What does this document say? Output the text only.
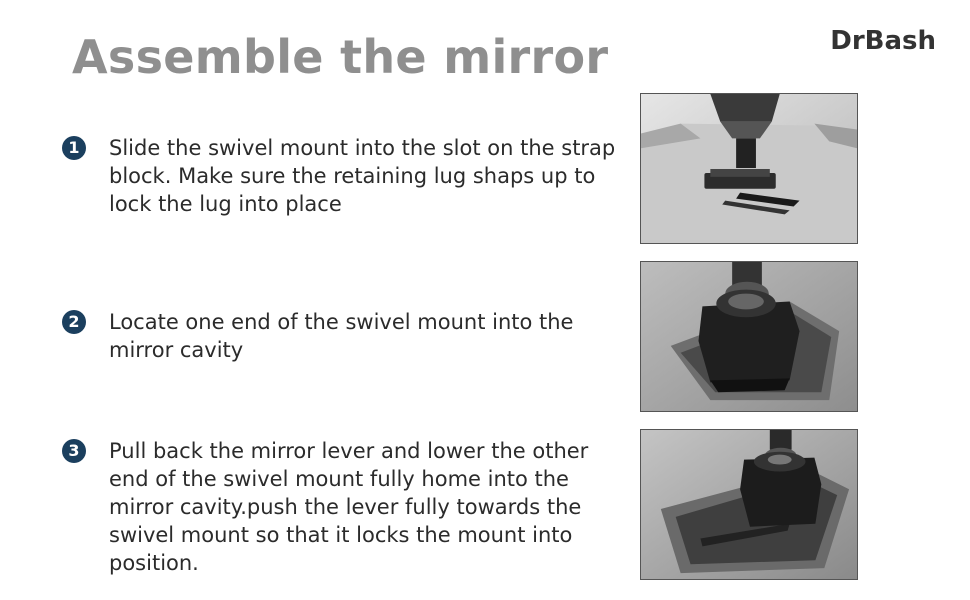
Assemble the mirror	DrBash
1	Slide the swivel mount into the slot on the strap block. Make sure the retaining lug shaps up to lock the lug into place
2	Locate one end of the swivel mount into the mirror cavity
3	Pull back the mirror lever and lower the other end of the swivel mount fully home into the mirror cavity.push the lever fully towards the swivel mount so that it locks the mount into position.
